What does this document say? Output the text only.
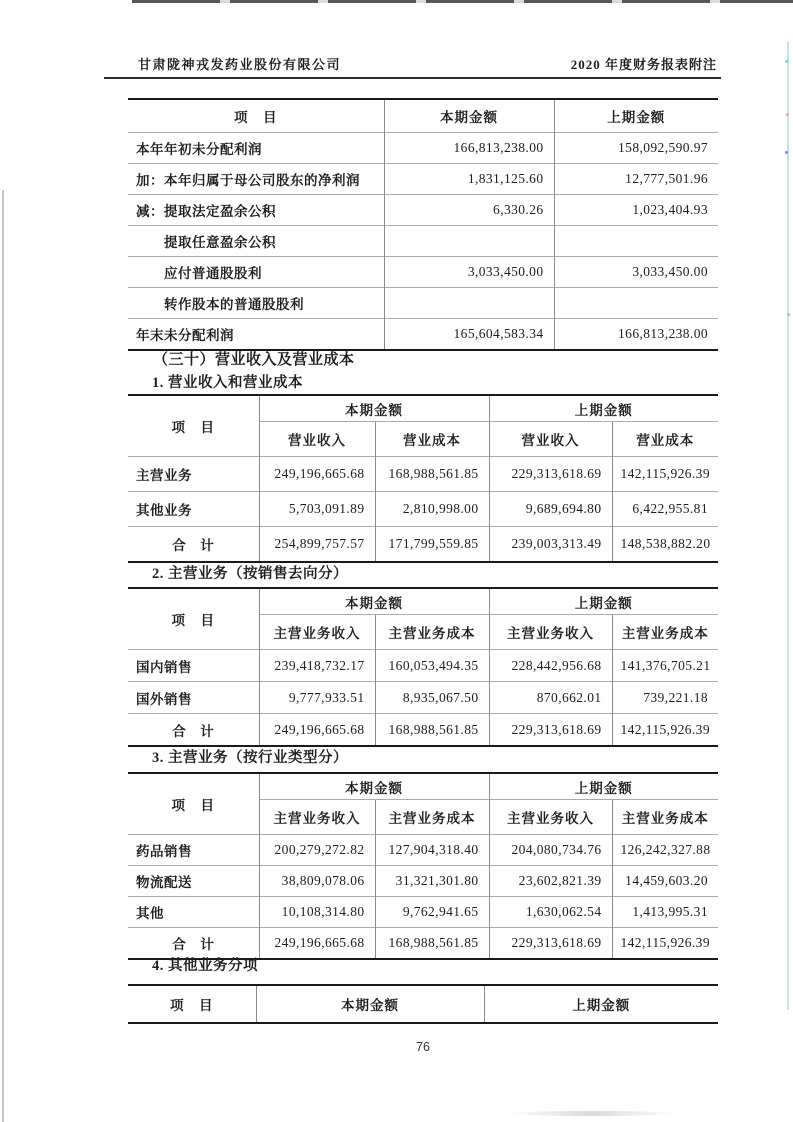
甘肃陇神戎发药业股份有限公司	2020 年度财务报表附注
项　目	本期金额	上期金额
本年年初未分配利润	166,813,238.00	158,092,590.97
加：本年归属于母公司股东的净利润	1,831,125.60	12,777,501.96
减：提取法定盈余公积	6,330.26	1,023,404.93
提取任意盈余公积		
应付普通股股利	3,033,450.00	3,033,450.00
转作股本的普通股股利		
年末未分配利润	165,604,583.34	166,813,238.00
（三十）营业收入及营业成本
1. 营业收入和营业成本
项　目	本期金额		上期金额	
	营业收入	营业成本	营业收入	营业成本
主营业务	249,196,665.68	168,988,561.85	229,313,618.69	142,115,926.39
其他业务	5,703,091.89	2,810,998.00	9,689,694.80	6,422,955.81
合　计	254,899,757.57	171,799,559.85	239,003,313.49	148,538,882.20
2. 主营业务（按销售去向分）
项　目	本期金额		上期金额	
	主营业务收入	主营业务成本	主营业务收入	主营业务成本
国内销售	239,418,732.17	160,053,494.35	228,442,956.68	141,376,705.21
国外销售	9,777,933.51	8,935,067.50	870,662.01	739,221.18
合　计	249,196,665.68	168,988,561.85	229,313,618.69	142,115,926.39
3. 主营业务（按行业类型分）
项　目	本期金额		上期金额	
	主营业务收入	主营业务成本	主营业务收入	主营业务成本
药品销售	200,279,272.82	127,904,318.40	204,080,734.76	126,242,327.88
物流配送	38,809,078.06	31,321,301.80	23,602,821.39	14,459,603.20
其他	10,108,314.80	9,762,941.65	1,630,062.54	1,413,995.31
合　计	249,196,665.68	168,988,561.85	229,313,618.69	142,115,926.39
4. 其他业务分项
项　目	本期金额	上期金额
76
